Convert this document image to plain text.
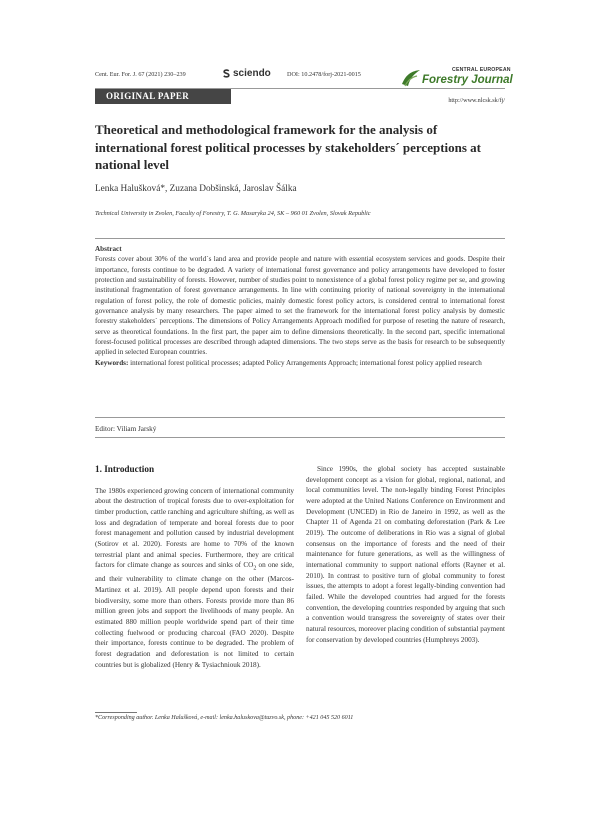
Cent. Eur. For. J. 67 (2021) 230–239	sciendo	DOI: 10.2478/forj-2021-0015
CENTRAL EUROPEAN
Forestry Journal
ORIGINAL PAPER	http://www.nlcsk.sk/fj/
Theoretical and methodological framework for the analysis of international forest political processes by stakeholders´ perceptions at national level
Lenka Halušková*, Zuzana Dobšinská, Jaroslav Šálka
Technical University in Zvolen, Faculty of Forestry, T. G. Masaryka 24, SK – 960 01 Zvolen, Slovak Republic
Abstract

Forests cover about 30% of the world´s land area and provide people and nature with essential ecosystem services and goods. Despite their importance, forests continue to be degraded. A variety of international forest governance and policy arrangements have developed to foster protection and sustainability of forests. However, number of studies point to nonexistence of a global forest policy regime per se, and growing institutional fragmentation of forest governance arrangements. In line with continuing priority of national sovereignty in the international regulation of forest policy, the role of domestic policies, mainly domestic forest policy actors, is considered central to international forest governance analysis by many researchers. The paper aimed to set the framework for the international forest policy analysis by domestic forestry stakeholders´ perceptions. The dimensions of Policy Arrangements Approach modified for purpose of reseting the nature of research, serve as theoretical foundations. In the first part, the paper aim to define dimensions theoretically. In the second part, specific international forest-focused political processes are described through adapted dimensions. The two steps serve as the basis for research to be subsequently applied in selected European countries.

Keywords: international forest political processes; adapted Policy Arrangements Approach; international forest policy applied research

Editor: Viliam Jarský
1. Introduction

The 1980s experienced growing concern of international community about the destruction of tropical forests due to over-exploitation for timber production, cattle ranching and agriculture shifting, as well as loss and degradation of temperate and boreal forests due to poor forest management and pollution caused by industrial development (Sotirov et al. 2020). Forests are home to 70% of the known terrestrial plant and animal species. Furthermore, they are critical factors for climate change as sources and sinks of $CO_2$ on one side, and their vulnerability to climate change on the other (Marcos-Martinez et al. 2019). All people depend upon forests and their biodiversity, some more than others. Forests provide more than 86 million green jobs and support the livelihoods of many people. An estimated 880 million people worldwide spend part of their time collecting fuelwood or producing charcoal (FAO 2020). Despite their importance, forests continue to be degraded. The problem of forest degradation and deforestation is not limited to certain countries but is globalized (Henry & Tysiachniouk 2018).

Since 1990s, the global society has accepted sustainable development concept as a vision for global, regional, national, and local communities level. The non-legally binding Forest Principles were adopted at the United Nations Conference on Environment and Development (UNCED) in Rio de Janeiro in 1992, as well as the Chapter 11 of Agenda 21 on combating deforestation (Park & Lee 2019). The outcome of deliberations in Rio was a signal of global consensus on the importance of forests and the need of their maintenance for future generations, as well as the willingness of international community to support national efforts (Rayner et al. 2010). In contrast to positive turn of global community to forest issues, the attempts to adopt a forest legally-binding convention had failed. While the developed countries had argued for the forests convention, the developing countries responded by arguing that such a convention would transgress the sovereignty of states over their natural resources, moreover placing condition of substantial payment for conservation by developed countries (Humphreys 2003).

*Corresponding author. Lenka Halušková, e-mail: lenka.haluskova@tuzvo.sk, phone: +421 045 520 6011
